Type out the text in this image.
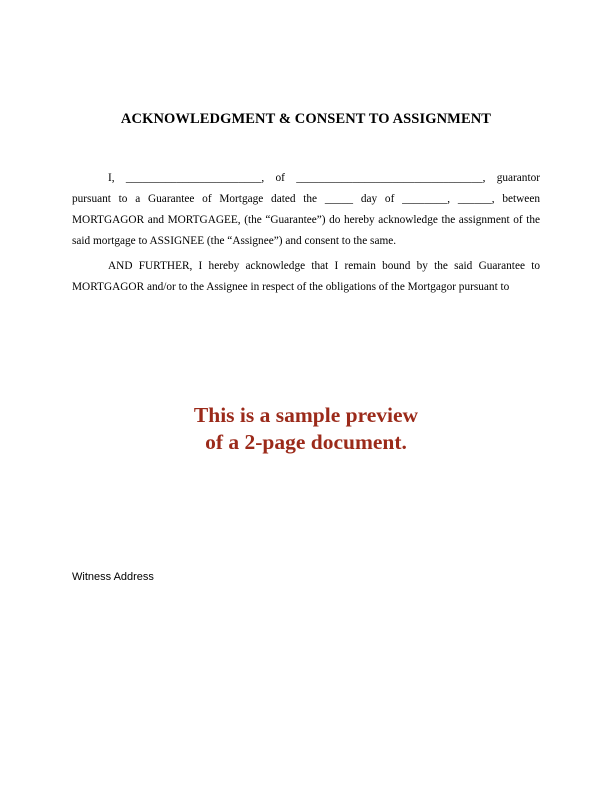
ACKNOWLEDGMENT & CONSENT TO ASSIGNMENT

I, ________________________, of _________________________________, guarantor pursuant to a Guarantee of Mortgage dated the _____ day of ________, ______, between MORTGAGOR and MORTGAGEE, (the “Guarantee”) do hereby acknowledge the assignment of the said mortgage to ASSIGNEE (the “Assignee”) and consent to the same.

AND FURTHER, I hereby acknowledge that I remain bound by the said Guarantee to MORTGAGOR and/or to the Assignee in respect of the obligations of the Mortgagor pursuant to

This is a sample preview
of a 2-page document.
Witness Address
